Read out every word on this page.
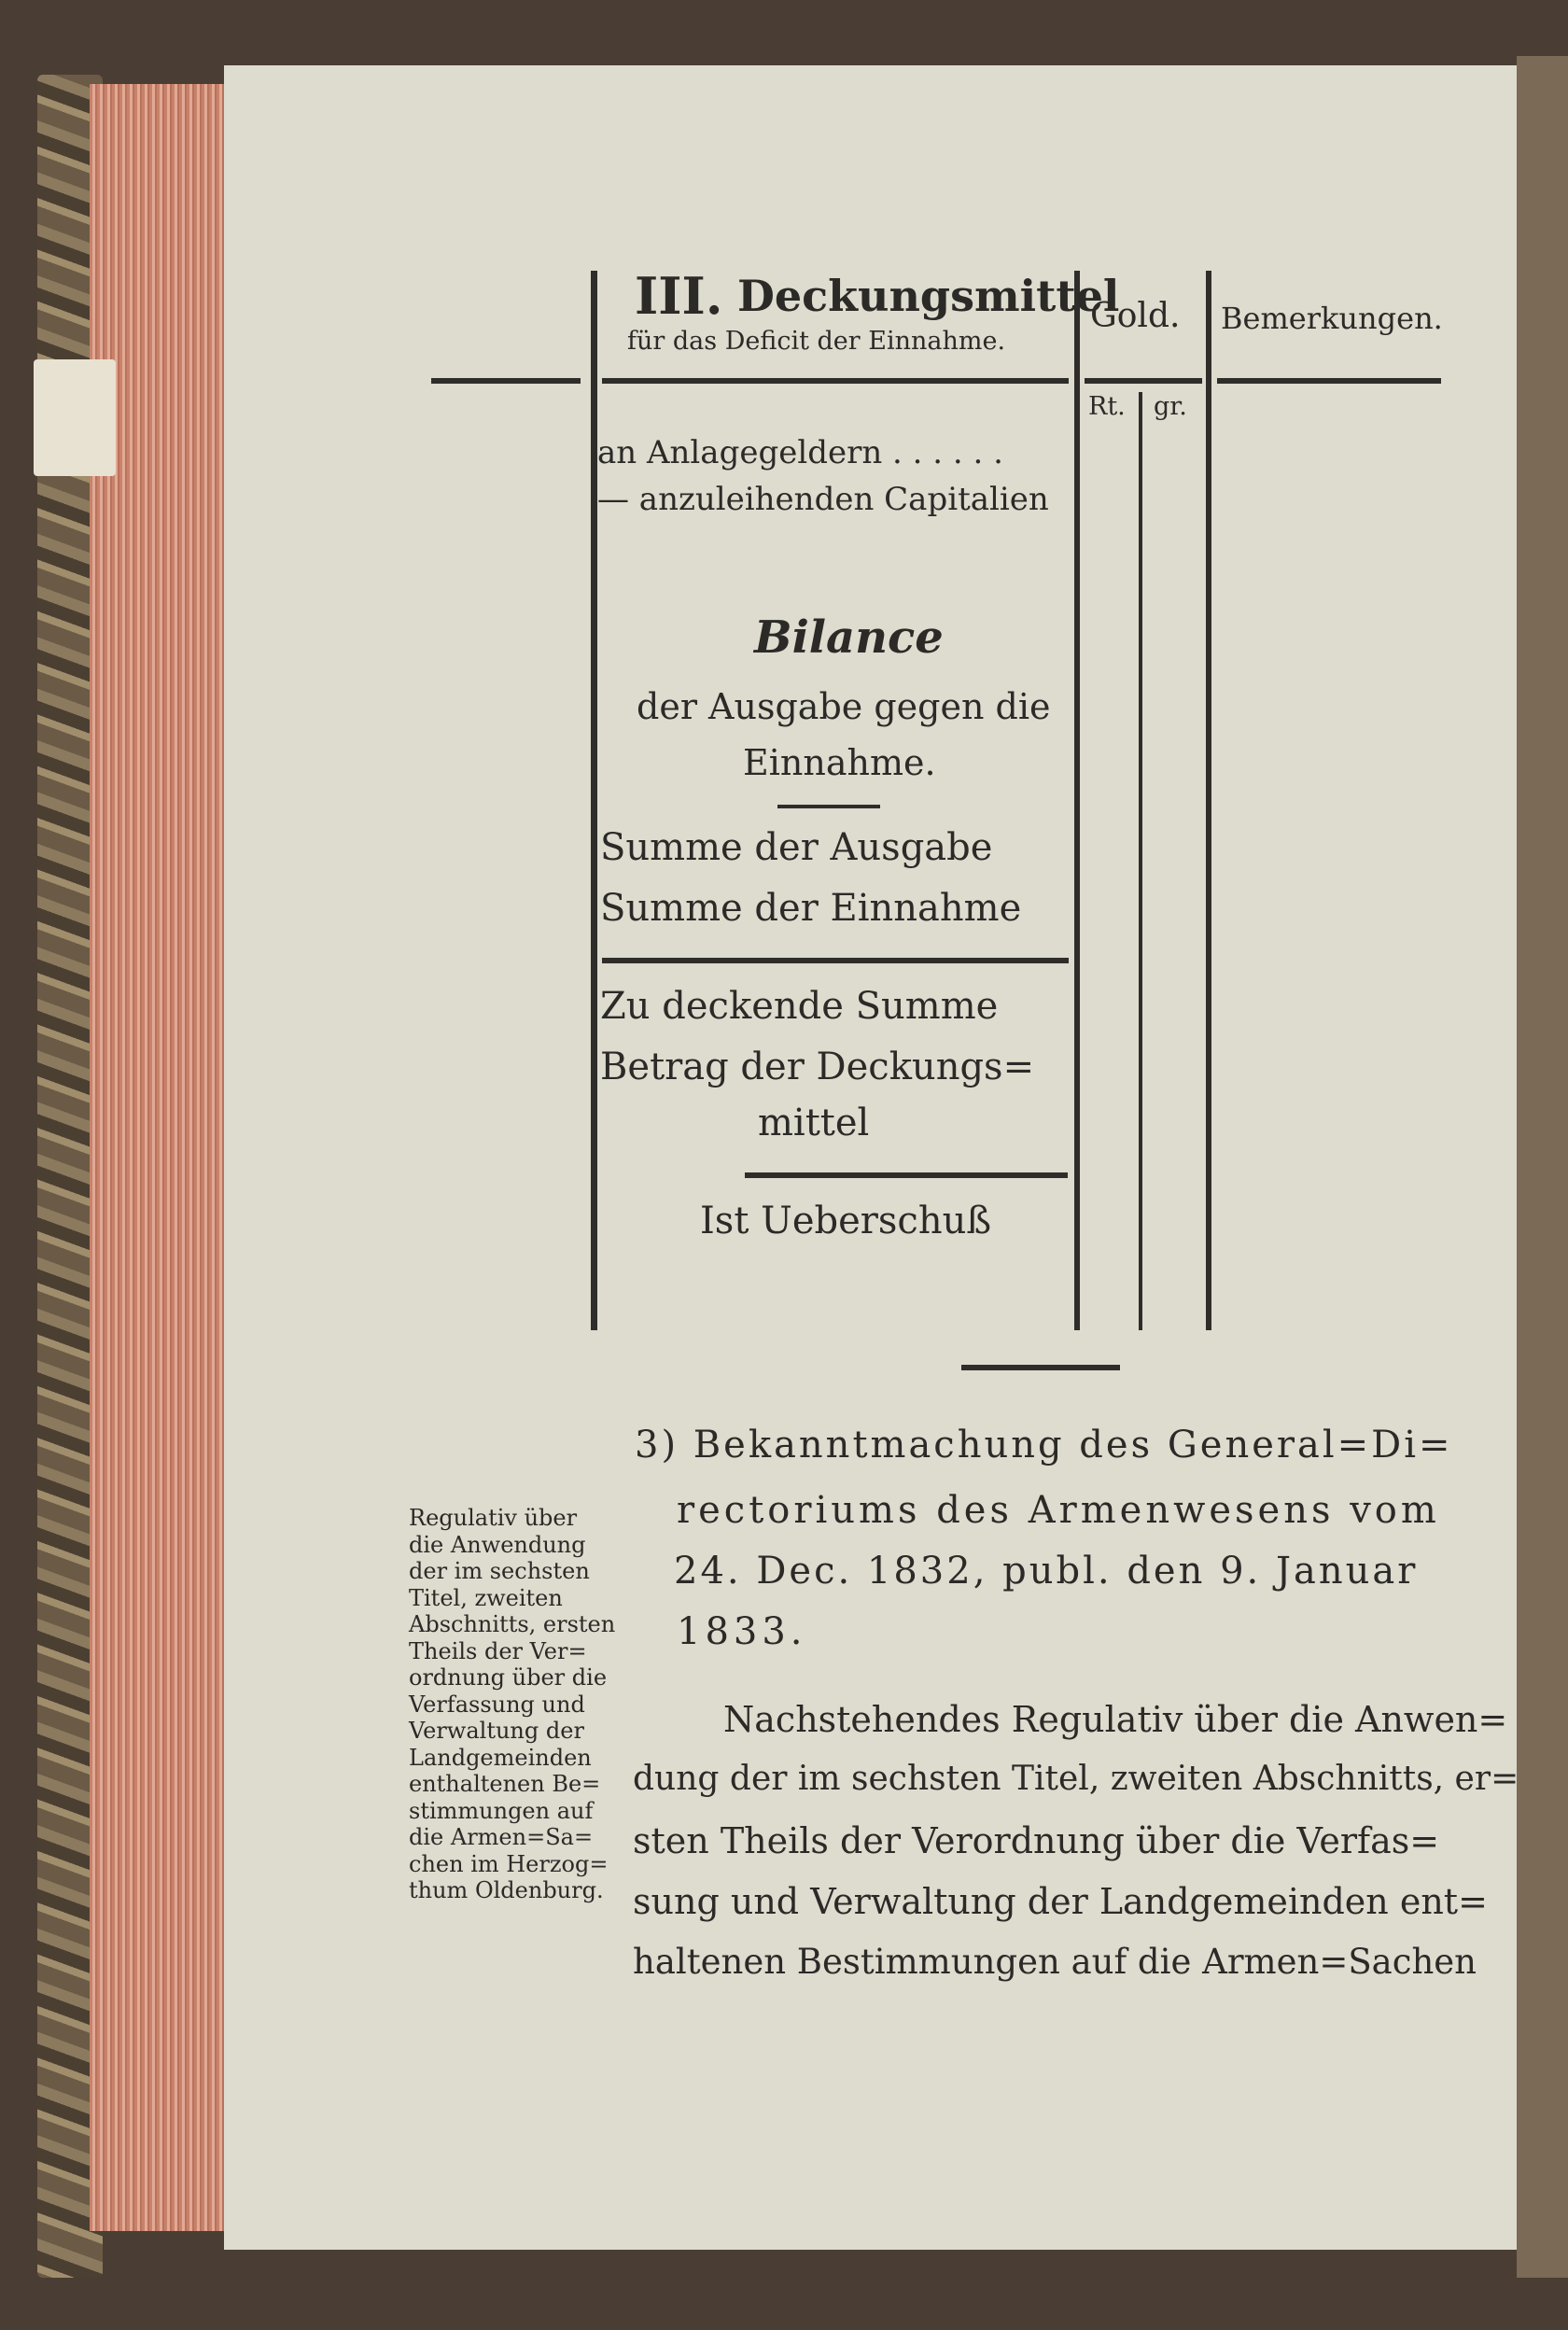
III. Deckungsmittel
für das Deficit der Einnahme.
Gold. Bemerkungen.
Rt. gr.
an Anlagegeldern . . . . . .
— anzuleihenden Capitalien
Bilance
der Ausgabe gegen die
Einnahme.
Summe der Ausgabe
Summe der Einnahme
Zu deckende Summe
Betrag der Deckungs=
mittel
Ist Ueberschuß
3) Bekanntmachung des General=Di=
rectoriums des Armenwesens vom
24. Dec. 1832, publ. den 9. Januar
1833.
Regulativ über
die Anwendung
der im sechsten
Titel, zweiten
Abschnitts, ersten
Theils der Ver=
ordnung über die
Verfassung und
Verwaltung der
Landgemeinden
enthaltenen Be=
stimmungen auf
die Armen=Sa=
chen im Herzog=
thum Oldenburg.
Nachstehendes Regulativ über die Anwen=
dung der im sechsten Titel, zweiten Abschnitts, er=
sten Theils der Verordnung über die Verfas=
sung und Verwaltung der Landgemeinden ent=
haltenen Bestimmungen auf die Armen=Sachen
